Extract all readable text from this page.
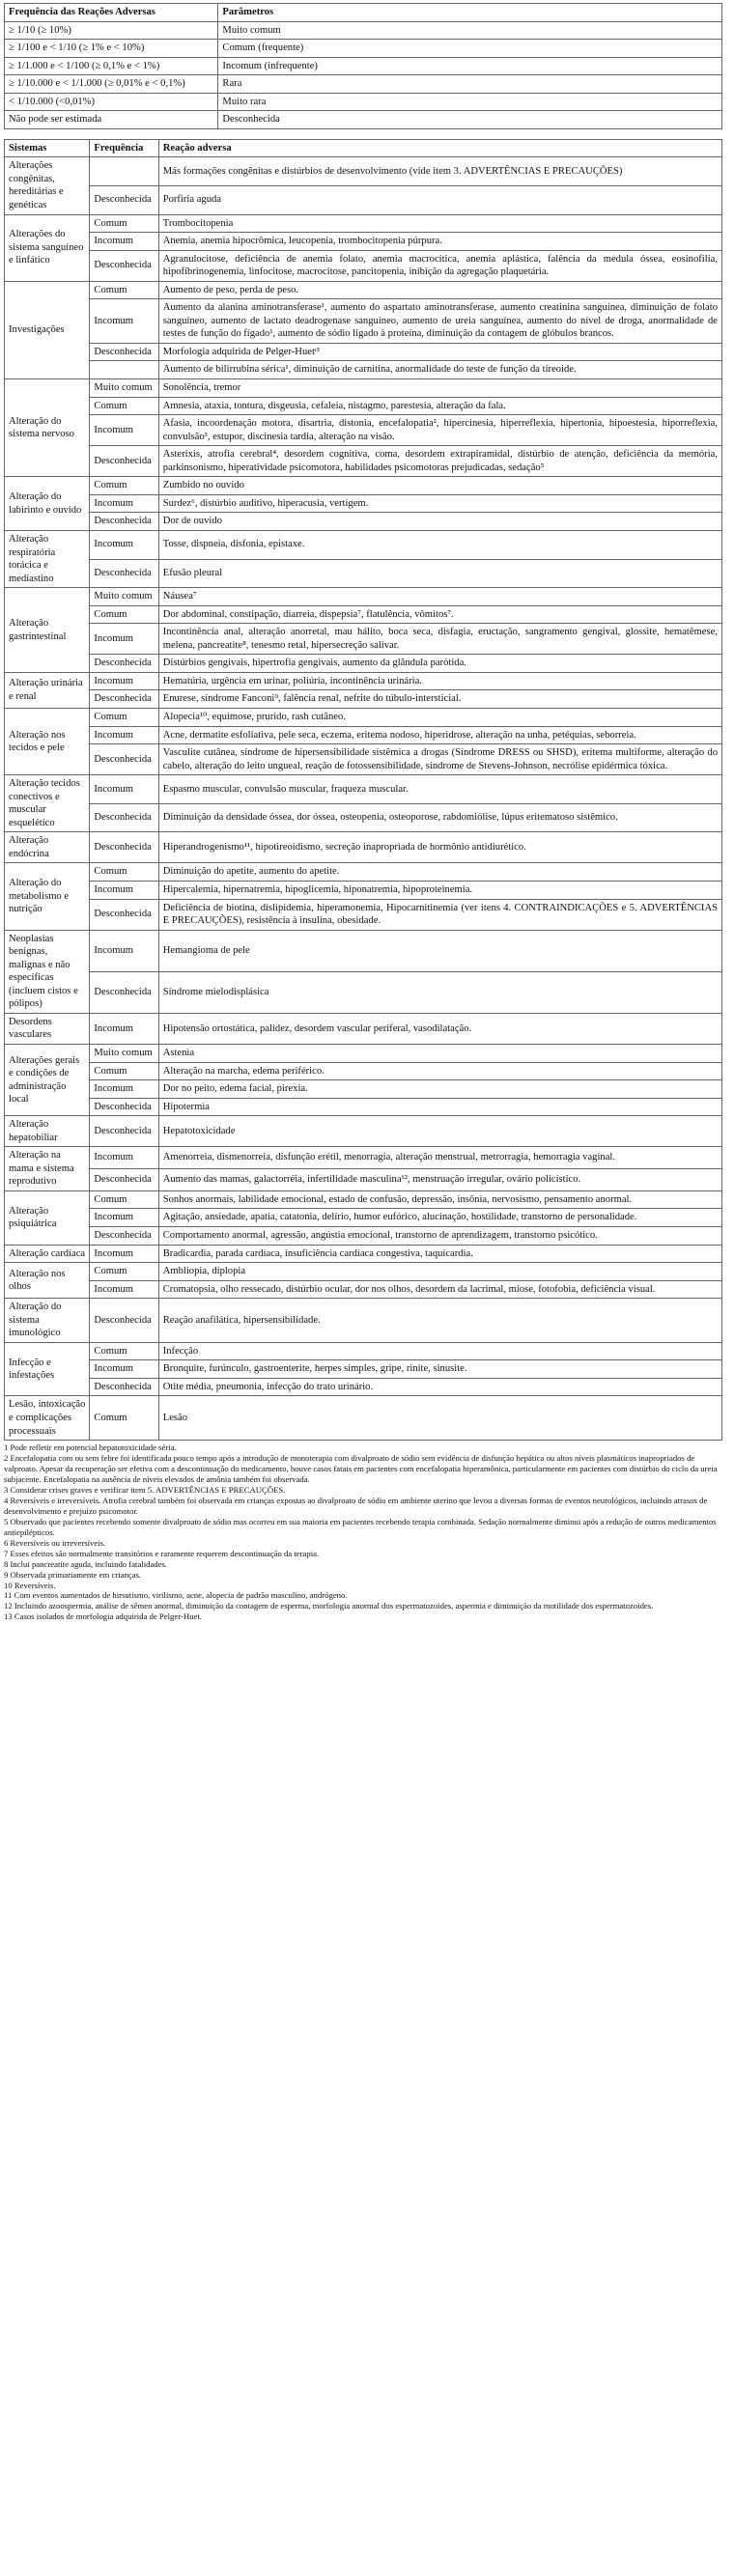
Frequência das Reações Adversas	Parâmetros
≥ 1/10 (≥ 10%)	Muito comum
≥ 1/100 e < 1/10 (≥ 1% e < 10%)	Comum (frequente)
≥ 1/1.000 e < 1/100 (≥ 0,1% e < 1%)	Incomum (infrequente)
≥ 1/10.000 e < 1/1.000 (≥ 0,01% e < 0,1%)	Rara
< 1/10.000 (<0,01%)	Muito rara
Não pode ser estimada	Desconhecida
Sistemas	Frequência	Reação adversa
Alterações congênitas, hereditárias e genéticas		Más formações congênitas e distúrbios de desenvolvimento (vide item 3. ADVERTÊNCIAS E PRECAUÇÕES)
	Desconhecida	Porfiria aguda
Alterações do sistema sanguíneo e linfático	Comum	Trombocitopenia
	Incomum	Anemia, anemia hipocrômica, leucopenia, trombocitopenia púrpura.
	Desconhecida	Agranulocitose, deficiência de anemia folato, anemia macrocítica, anemia aplástica, falência da medula óssea, eosinofilia, hipofibrinogenemia, linfocitose, macrocitose, pancitopenia, inibição da agregação plaquetária.
Investigações	Comum	Aumento de peso, perda de peso.
	Incomum	Aumento da alanina aminotransferase¹, aumento do aspartato aminotransferase, aumento creatinina sanguínea, diminuição de folato sanguíneo, aumento de lactato deadrogenase sanguíneo, aumento de ureia sanguínea, aumento do nível de droga, anormalidade de testes de função do fígado¹, aumento de sódio ligado à proteína, diminuição da contagem de glóbulos brancos.
	Desconhecida	Morfologia adquirida de Pelger-Huetᶦ³
		Aumento de bilirrubina sérica¹, diminuição de carnitina, anormalidade do teste de função da tireoide.
Alteração do sistema nervoso	Muito comum	Sonolência, tremor
	Comum	Amnesia, ataxia, tontura, disgeusia, cefaleia, nistagmo, parestesia, alteração da fala.
	Incomum	Afasia, incoordenação motora, disartria, distonia, encefalopatia², hipercinesia, hiperreflexia, hipertonia, hipoestesia, hiporreflexia, convulsão³, estupor, discinesia tardia, alteração na visão.
	Desconhecida	Asterixis, atrofia cerebral⁴, desordem cognitiva, coma, desordem extrapiramidal, distúrbio de atenção, deficiência da memória, parkinsonismo, hiperatividade psicomotora, habilidades psicomotoras prejudicadas, sedação⁵
Alteração do labirinto e ouvido	Comum	Zumbido no ouvido
	Incomum	Surdez⁶, distúrbio auditivo, hiperacusia, vertigem.
	Desconhecida	Dor de ouvido
Alteração respiratória torácica e mediastino	Incomum	Tosse, dispneia, disfonia, epistaxe.
	Desconhecida	Efusão pleural
Alteração gastrintestinal	Muito comum	Náusea⁷
	Comum	Dor abdominal, constipação, diarreia, dispepsia⁷, flatulência, vômitos⁷.
	Incomum	Incontinência anal, alteração anorretal, mau hálito, boca seca, disfagia, eructação, sangramento gengival, glossite, hematêmese, melena, pancreatite⁸, tenesmo retal, hipersecreção salivar.
	Desconhecida	Distúrbios gengivais, hipertrofia gengivais, aumento da glândula parótida.
Alteração urinária e renal	Incomum	Hematúria, urgência em urinar, poliúria, incontinência urinária.
	Desconhecida	Enurese, síndrome Fanconi⁹, falência renal, nefrite do túbulo-intersticial.
Alteração nos tecidos e pele	Comum	Alopecia¹⁰, equimose, prurido, rash cutâneo.
	Incomum	Acne, dermatite esfoliativa, pele seca, eczema, eritema nodoso, hiperidrose, alteração na unha, petéquias, seborreia.
	Desconhecida	Vasculite cutânea, síndrome de hipersensibilidade sistêmica a drogas (Síndrome DRESS ou SHSD), eritema multiforme, alteração do cabelo, alteração do leito ungueal, reação de fotossensibilidade, síndrome de Stevens-Johnson, necrólise epidérmica tóxica.
Alteração tecidos conectivos e muscular esquelético	Incomum	Espasmo muscular, convulsão muscular, fraqueza muscular.
	Desconhecida	Diminuição da densidade óssea, dor óssea, osteopenia, osteoporose, rabdomiólise, lúpus eritematoso sistêmico.
Alteração endócrina	Desconhecida	Hiperandrogenismo¹¹, hipotireoidismo, secreção inapropriada de hormônio antidiurético.
Alteração do metabolismo e nutrição	Comum	Diminuição do apetite, aumento do apetite.
	Incomum	Hipercalemia, hipernatremia, hipoglicemia, hiponatremia, hipoproteinemia.
	Desconhecida	Deficiência de biotina, dislipidemia, hiperamonemia, Hipocarnitinemia (ver itens 4. CONTRAINDICAÇÕES e 5. ADVERTÊNCIAS E PRECAUÇÕES), resistência à insulina, obesidade.
Neoplasias benignas, malignas e não específicas (incluem cistos e pólipos)	Incomum	Hemangioma de pele
	Desconhecida	Síndrome mielodisplásica
Desordens vasculares	Incomum	Hipotensão ortostática, palidez, desordem vascular periferal, vasodilatação.
Alterações gerais e condições de administração local	Muito comum	Astenia
	Comum	Alteração na marcha, edema periférico.
	Incomum	Dor no peito, edema facial, pirexia.
	Desconhecida	Hipotermia
Alteração hepatobiliar	Desconhecida	Hepatotoxicidade
Alteração na mama e sistema reprodutivo	Incomum	Amenorreia, dismenorreia, disfunção erétil, menorragia, alteração menstrual, metrorragia, hemorragia vaginal.
	Desconhecida	Aumento das mamas, galactorréia, infertilidade masculina¹², menstruação irregular, ovário policístico.
Alteração psiquiátrica	Comum	Sonhos anormais, labilidade emocional, estado de confusão, depressão, insônia, nervosismo, pensamento anormal.
	Incomum	Agitação, ansiedade, apatia, catatonia, delírio, humor eufórico, alucinação, hostilidade, transtorno de personalidade.
	Desconhecida	Comportamento anormal, agressão, angústia emocional, transtorno de aprendizagem, transtorno psicótico.
Alteração cardíaca	Incomum	Bradicardia, parada cardíaca, insuficiência cardíaca congestiva, taquicardia.
Alteração nos olhos	Comum	Ambliopia, diplopia
	Incomum	Cromatopsia, olho ressecado, distúrbio ocular, dor nos olhos, desordem da lacrimal, miose, fotofobia, deficiência visual.
Alteração do sistema imunológico	Desconhecida	Reação anafilática, hipersensibilidade.
Infecção e infestações	Comum	Infecção
	Incomum	Bronquite, furúnculo, gastroenterite, herpes simples, gripe, rinite, sinusite.
	Desconhecida	Otite média, pneumonia, infecção do trato urinário.
Lesão, intoxicação e complicações processuais	Comum	Lesão
1 Pode refletir em potencial hepatotoxicidade séria.
2 Encefalopatia com ou sem febre foi identificada pouco tempo após a introdução de monoterapia com divalproato de sódio sem evidência de disfunção hepática ou altos níveis plasmáticos inapropriados de valproato. Apesar da recuperação ser efetiva com a descontinuação do medicamento, houve casos fatais em pacientes com encefalopatia hiperamônica, particularmente em pacientes com distúrbio do ciclo da ureia subjacente. Encefalopatia na ausência de níveis elevados de amônia também foi observada.
3 Considerar crises graves e verificar item 5. ADVERTÊNCIAS E PRECAUÇÕES.
4 Reversíveis e irreversíveis. Atrofia cerebral também foi observada em crianças expostas ao divalproato de sódio em ambiente uterino que levou a diversas formas de eventos neurológicos, incluindo atrasos de desenvolvimento e prejuízo psicomotor.
5 Observado que pacientes recebendo somente divalproato de sódio mas ocorreu em sua maioria em pacientes recebendo terapia combinada. Sedação normalmente diminui após a redução de outros medicamentos antiepilépticos.
6 Reversíveis ou irreversíveis.
7 Esses efeitos são normalmente transitórios e raramente requerem descontinuação da terapia.
8 Inclui pancreatite aguda, incluindo fatalidades.
9 Observada primariamente em crianças.
10 Reversíveis.
11 Com eventos aumentados de hirsutismo, virilismo, acne, alopecia de padrão masculino, andrógeno.
12 Incluindo azoospermia, análise de sêmen anormal, diminuição da contagem de esperma, morfologia anormal dos espermatozoides, aspermia e diminuição da motilidade dos espermatozoides.
13 Casos isolados de morfologia adquirida de Pelger-Huet.
